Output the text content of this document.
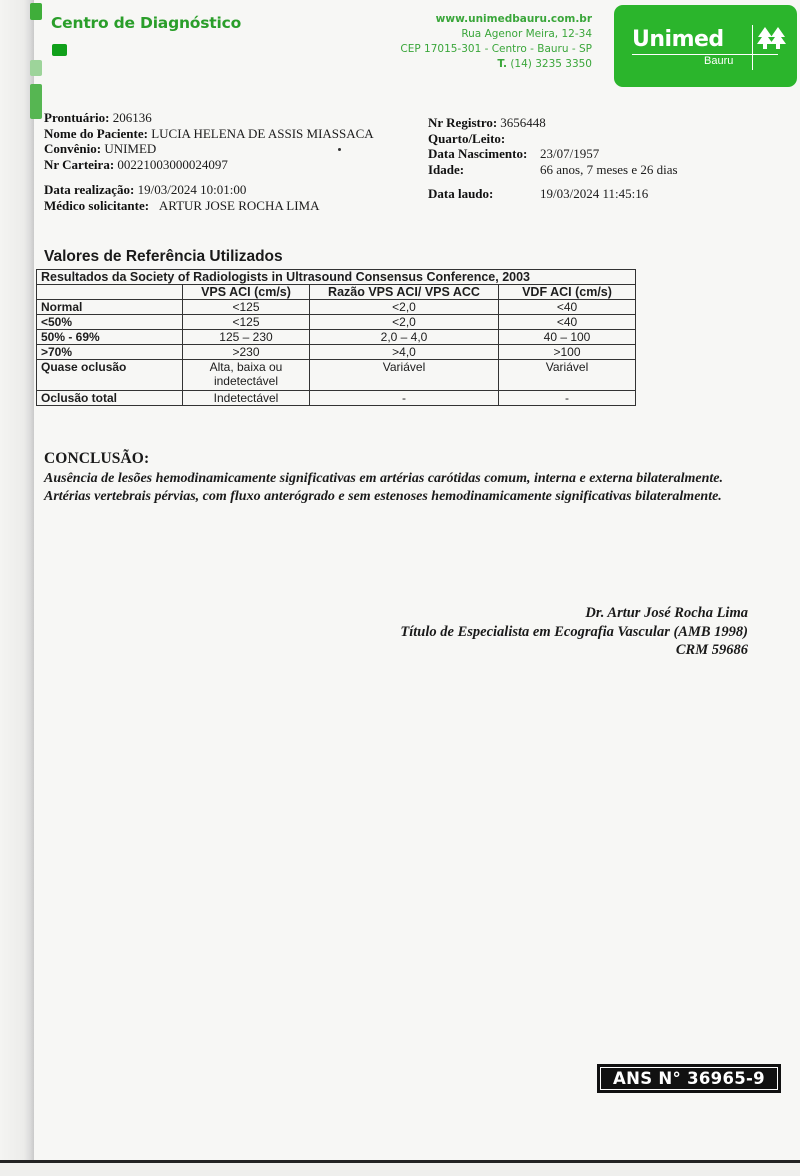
Centro de Diagnóstico	www.unimedbauru.com.br
Rua Agenor Meira, 12-34
CEP 17015-301 - Centro - Bauru - SP
T. (14) 3235 3350
Unimed
Bauru
Prontuário: 206136
Nome do Paciente: LUCIA HELENA DE ASSIS MIASSACA
Convênio: UNIMED
Nr Carteira: 00221003000024097
Data realização: 19/03/2024 10:01:00
Médico solicitante: ARTUR JOSE ROCHA LIMA
Nr Registro: 3656448
Quarto/Leito:
Data Nascimento: 23/07/1957
Idade:	66 anos, 7 meses e 26 dias
Data laudo:	19/03/2024 11:45:16
Valores de Referência Utilizados
Resultados da Society of Radiologists in Ultrasound Consensus Conference, 2003			
	VPS ACI (cm/s)	Razão VPS ACI/ VPS ACC	VDF ACI (cm/s)
Normal	<125	<2,0	<40
<50%	<125	<2,0	<40
50% - 69%	125 – 230	2,0 – 4,0	40 – 100
>70%	>230	>4,0	>100
Quase oclusão	Alta, baixa ou indetectável	Variável	Variável
Oclusão total	Indetectável	-	-
CONCLUSÃO:

Ausência de lesões hemodinamicamente significativas em artérias carótidas comum, interna e externa bilateralmente.

Artérias vertebrais pérvias, com fluxo anterógrado e sem estenoses hemodinamicamente significativas bilateralmente.

Dr. Artur José Rocha Lima
Título de Especialista em Ecografia Vascular (AMB 1998)
CRM 59686
ANS N° 36965-9
